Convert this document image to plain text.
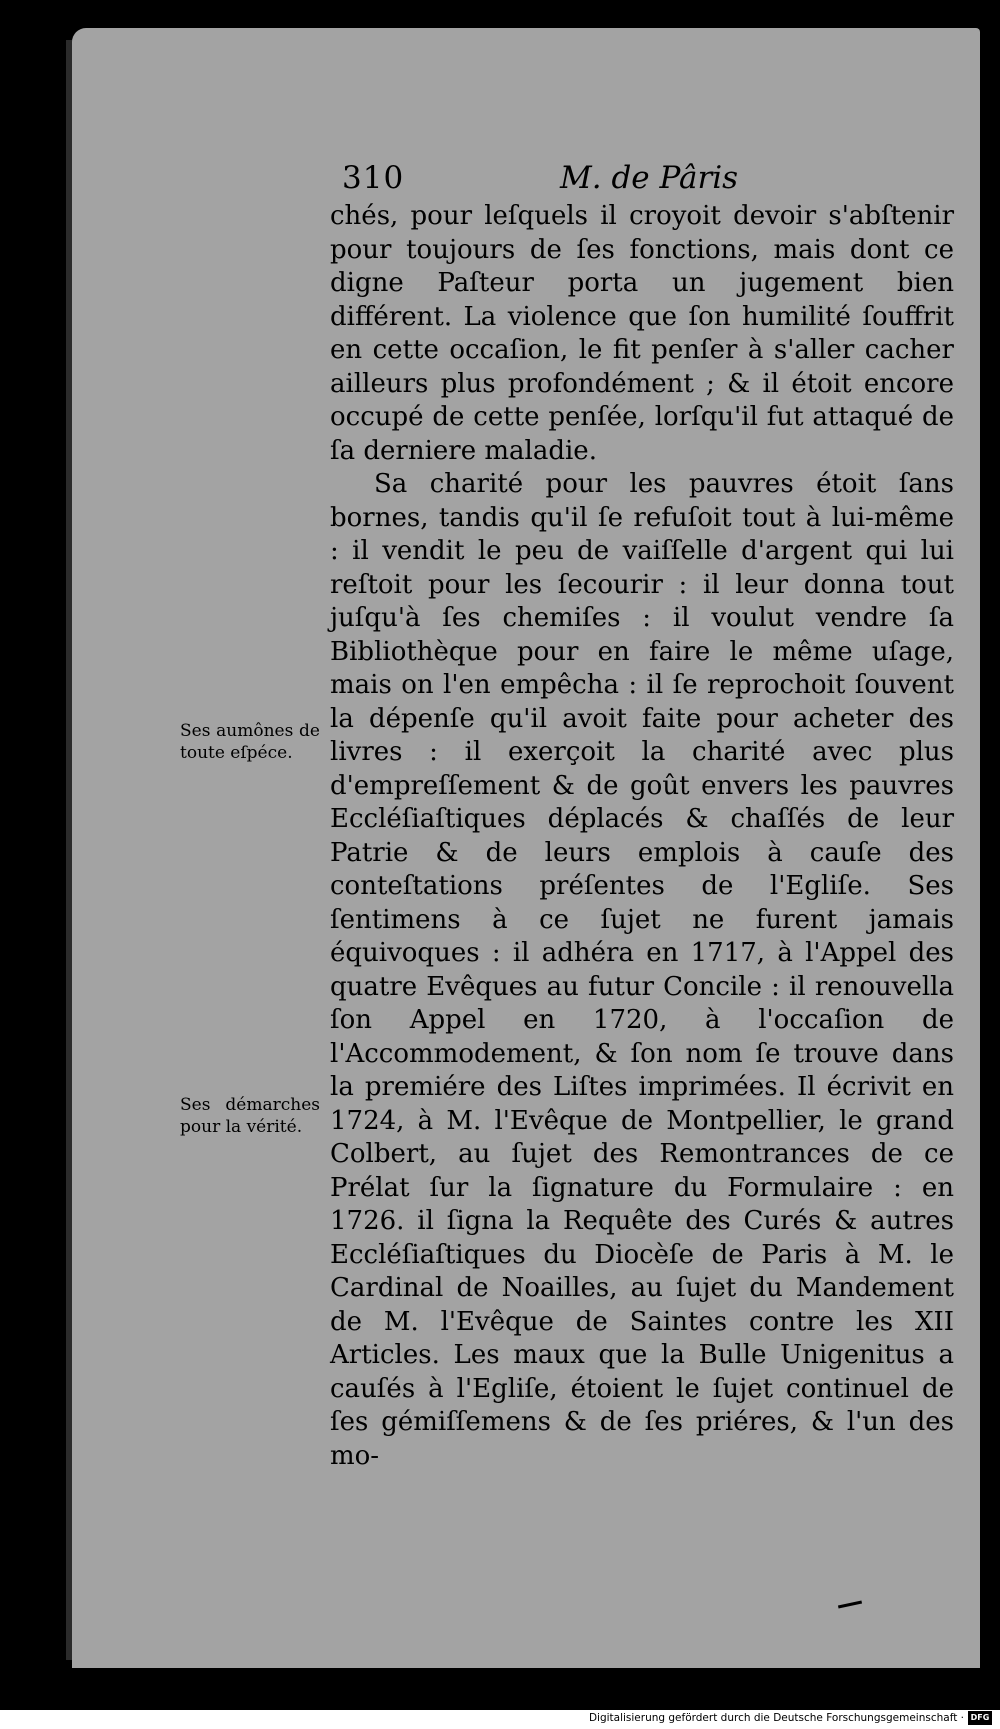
310	M. de Pâris

chés, pour leſquels il croyoit devoir s'abſtenir pour toujours de ſes fonctions, mais dont ce digne Paſteur porta un jugement bien différent. La violence que ſon humilité ſouffrit en cette occaſion, le fit penſer à s'aller cacher ailleurs plus profondément ; & il étoit encore occupé de cette penſée, lorſqu'il fut attaqué de ſa derniere maladie.

Sa charité pour les pauvres étoit ſans bornes, tandis qu'il ſe refuſoit tout à lui-même : il vendit le peu de vaiſſelle d'argent qui lui reſtoit pour les ſecourir : il leur donna tout juſqu'à ſes chemiſes : il voulut vendre ſa Bibliothèque pour en faire le même uſage, mais on l'en empêcha : il ſe reprochoit ſouvent la dépenſe qu'il avoit faite pour acheter des livres : il exerçoit la charité avec plus d'empreſſement & de goût envers les pauvres Eccléſiaſtiques déplacés & chaſſés de leur Patrie & de leurs emplois à cauſe des conteſtations préſentes de l'Egliſe. Ses ſentimens à ce ſujet ne furent jamais équivoques : il adhéra en 1717, à l'Appel des quatre Evêques au futur Concile : il renouvella ſon Appel en 1720, à l'occaſion de l'Accommodement, & ſon nom ſe trouve dans la premiére des Liſtes imprimées. Il écrivit en 1724, à M. l'Evêque de Montpellier, le grand Colbert, au ſujet des Remontrances de ce Prélat ſur la ſignature du Formulaire : en 1726. il ſigna la Requête des Curés & autres Eccléſiaſtiques du Diocèſe de Paris à M. le Cardinal de Noailles, au ſujet du Mandement de M. l'Evêque de Saintes contre les XII Articles. Les maux que la Bulle Unigenitus a cauſés à l'Egliſe, étoient le ſujet continuel de ſes gémiſſemens & de ſes priéres, & l'un des mo-

Ses aumônes de toute eſpéce.
Ses démarches pour la vérité.
Digitalisierung gefördert durch die Deutsche Forschungsgemeinschaft · DFG
